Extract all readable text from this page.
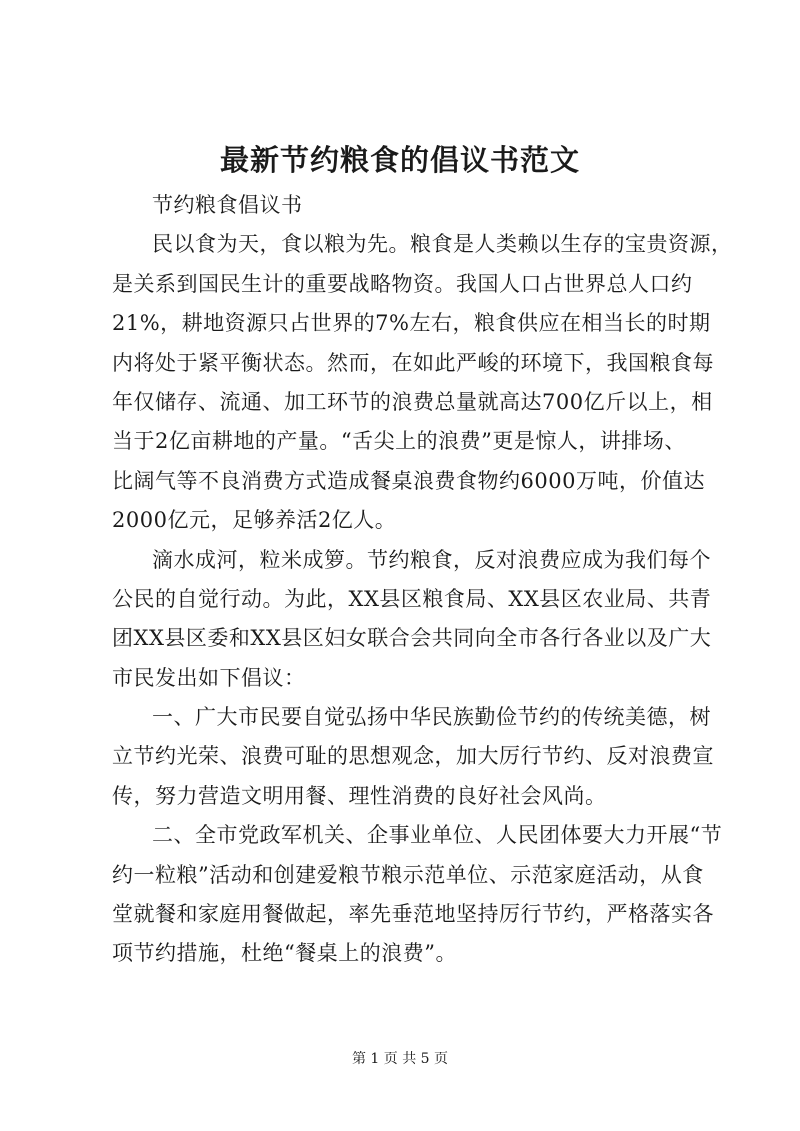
最新节约粮食的倡议书范文
节约粮食倡议书
民以食为天，食以粮为先。粮食是人类赖以生存的宝贵资源，
是关系到国民生计的重要战略物资。我国人口占世界总人口约
21%，耕地资源只占世界的7%左右，粮食供应在相当长的时期
内将处于紧平衡状态。然而，在如此严峻的环境下，我国粮食每
年仅储存、流通、加工环节的浪费总量就高达700亿斤以上，相
当于2亿亩耕地的产量。“舌尖上的浪费”更是惊人，讲排场、
比阔气等不良消费方式造成餐桌浪费食物约6000万吨，价值达
2000亿元，足够养活2亿人。
滴水成河，粒米成箩。节约粮食，反对浪费应成为我们每个
公民的自觉行动。为此，XX县区粮食局、XX县区农业局、共青
团XX县区委和XX县区妇女联合会共同向全市各行各业以及广大
市民发出如下倡议：
一、广大市民要自觉弘扬中华民族勤俭节约的传统美德，树
立节约光荣、浪费可耻的思想观念，加大厉行节约、反对浪费宣
传，努力营造文明用餐、理性消费的良好社会风尚。
二、全市党政军机关、企事业单位、人民团体要大力开展“节
约一粒粮”活动和创建爱粮节粮示范单位、示范家庭活动，从食
堂就餐和家庭用餐做起，率先垂范地坚持厉行节约，严格落实各
项节约措施，杜绝“餐桌上的浪费”。
第 1 页 共 5 页
